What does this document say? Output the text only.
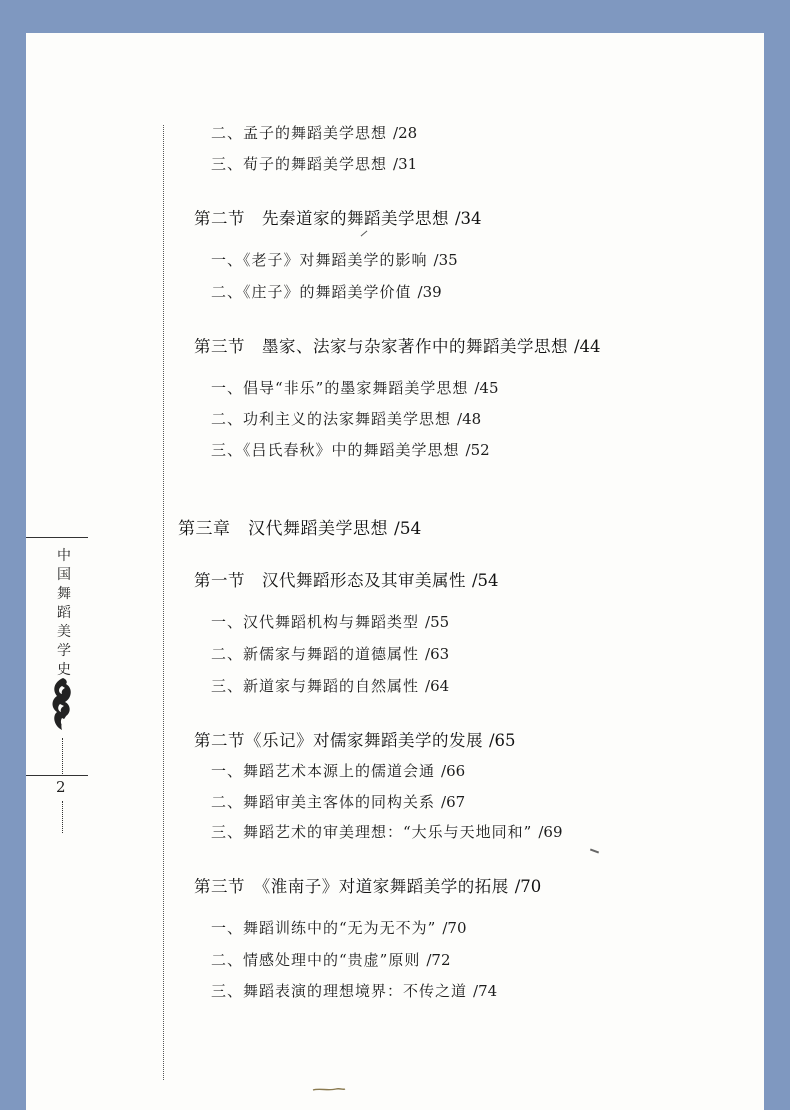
中
国
舞
蹈
美
学
史
2
二、孟子的舞蹈美学思想 /28
三、荀子的舞蹈美学思想 /31
第二节　先秦道家的舞蹈美学思想 /34
一、《老子》对舞蹈美学的影响 /35
二、《庄子》的舞蹈美学价值 /39
第三节　墨家、法家与杂家著作中的舞蹈美学思想 /44
一、倡导“非乐”的墨家舞蹈美学思想 /45
二、功利主义的法家舞蹈美学思想 /48
三、《吕氏春秋》中的舞蹈美学思想 /52
第三章　汉代舞蹈美学思想 /54
第一节　汉代舞蹈形态及其审美属性 /54
一、汉代舞蹈机构与舞蹈类型 /55
二、新儒家与舞蹈的道德属性 /63
三、新道家与舞蹈的自然属性 /64
第二节《乐记》对儒家舞蹈美学的发展 /65
一、舞蹈艺术本源上的儒道会通 /66
二、舞蹈审美主客体的同构关系 /67
三、舞蹈艺术的审美理想：“大乐与天地同和” /69
第三节　《淮南子》对道家舞蹈美学的拓展 /70
一、舞蹈训练中的“无为无不为” /70
二、情感处理中的“贵虚”原则 /72
三、舞蹈表演的理想境界：不传之道 /74
